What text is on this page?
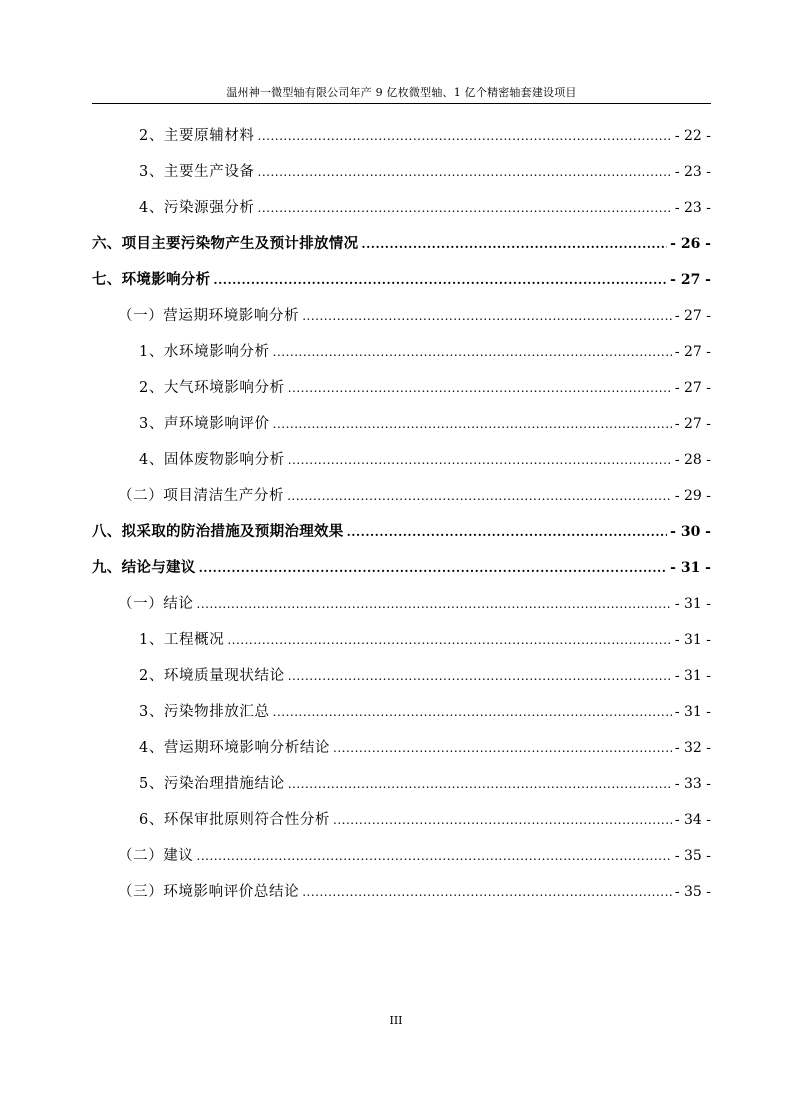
温州神一微型轴有限公司年产 9 亿枚微型轴、1 亿个精密轴套建设项目
2、主要原辅材料 .....	- 22 -
3、主要生产设备 .....	- 23 -
4、污染源强分析 .....	- 23 -
六、项目主要污染物产生及预计排放情况 .....	- 26 -
七、环境影响分析 .....	- 27 -
（一）营运期环境影响分析 .....	- 27 -
1、水环境影响分析 .....	- 27 -
2、大气环境影响分析 .....	- 27 -
3、声环境影响评价 .....	- 27 -
4、固体废物影响分析 .....	- 28 -
（二）项目清洁生产分析 .....	- 29 -
八、拟采取的防治措施及预期治理效果 .....	- 30 -
九、结论与建议 .....	- 31 -
（一）结论 .....	- 31 -
1、工程概况 .....	- 31 -
2、环境质量现状结论 .....	- 31 -
3、污染物排放汇总 .....	- 31 -
4、营运期环境影响分析结论 .....	- 32 -
5、污染治理措施结论 .....	- 33 -
6、环保审批原则符合性分析 .....	- 34 -
（二）建议 .....	- 35 -
（三）环境影响评价总结论 .....	- 35 -
III
